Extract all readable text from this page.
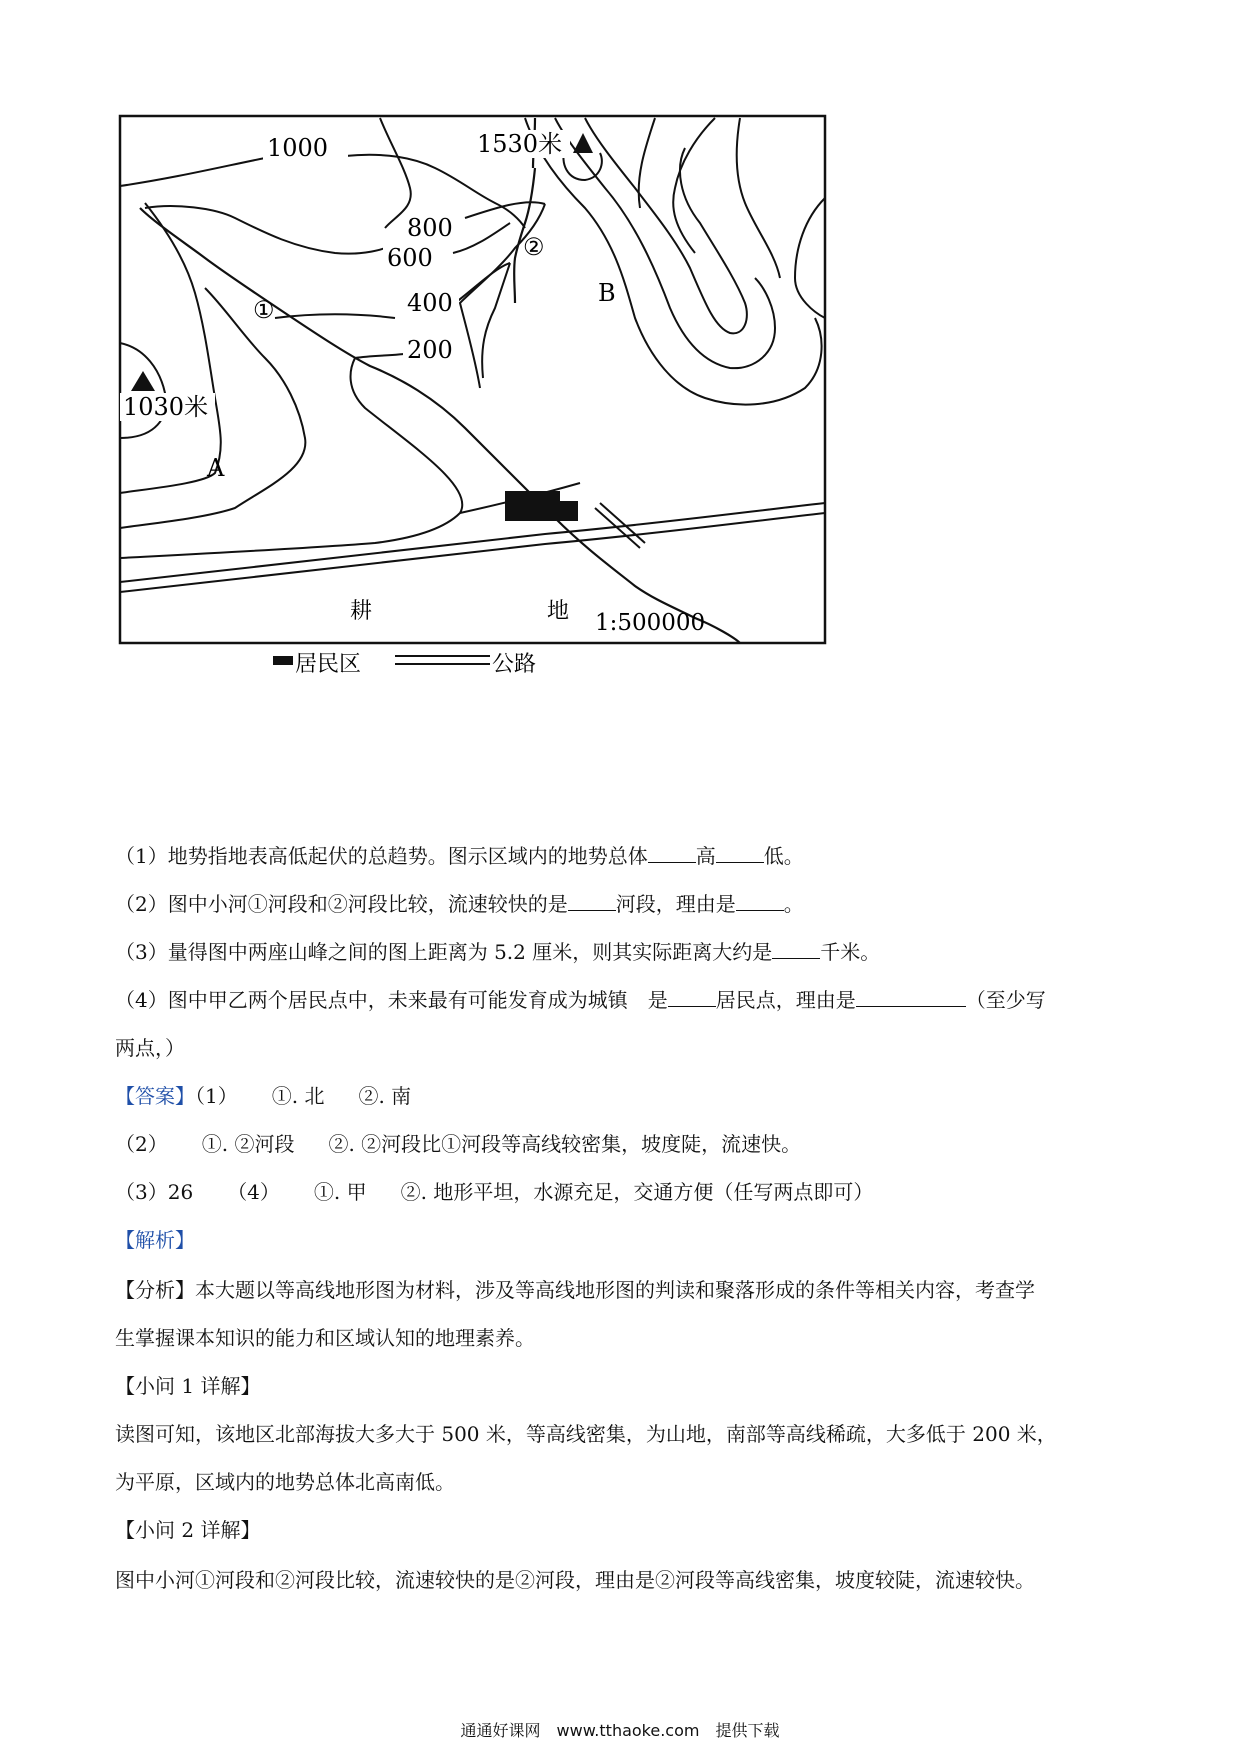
1000
800
600
400
200
1530米
1030米
①
②
A
B
耕	地 1:500000
居民区	公路
（1）地势指地表高低起伏的总趋势。图示区域内的地势总体 高 低。
（2）图中小河①河段和②河段比较，流速较快的是 河段，理由是 。
（3）量得图中两座山峰之间的图上距离为 5.2 厘米，则其实际距离大约是 千米。
（4）图中甲乙两个居民点中，未来最有可能发育成为城镇　是 居民点，理由是	（至少写
两点，）
【答案】（1） ①. 北 ②. 南
（2） ①. ②河段 ②. ②河段比①河段等高线较密集，坡度陡，流速快。
（3）26 （4） ①. 甲 ②. 地形平坦，水源充足，交通方便（任写两点即可）
【解析】
【分析】本大题以等高线地形图为材料，涉及等高线地形图的判读和聚落形成的条件等相关内容，考查学
生掌握课本知识的能力和区域认知的地理素养。
【小问 1 详解】
读图可知，该地区北部海拔大多大于 500 米，等高线密集，为山地，南部等高线稀疏，大多低于 200 米，
为平原，区域内的地势总体北高南低。
【小问 2 详解】
图中小河①河段和②河段比较，流速较快的是②河段，理由是②河段等高线密集，坡度较陡，流速较快。
通通好课网　www.tthaoke.com　提供下载
